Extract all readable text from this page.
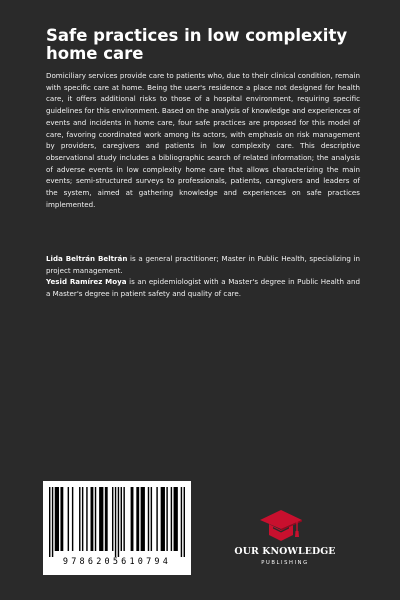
Safe practices in low complexity home care

Domiciliary services provide care to patients who, due to their clinical condition, remain with specific care at home. Being the user's residence a place not designed for health care, it offers additional risks to those of a hospital environment, requiring specific guidelines for this environment. Based on the analysis of knowledge and experiences of events and incidents in home care, four safe practices are proposed for this model of care, favoring coordinated work among its actors, with emphasis on risk management by providers, caregivers and patients in low complexity care. This descriptive observational study includes a bibliographic search of related information; the analysis of adverse events in low complexity home care that allows characterizing the main events; semi-structured surveys to professionals, patients, caregivers and leaders of the system, aimed at gathering knowledge and experiences on safe practices implemented.

Lida Beltrán Beltrán is a general practitioner; Master in Public Health, specializing in project management.

Yesid Ramírez Moya is an epidemiologist with a Master's degree in Public Health and a Master's degree in patient safety and quality of care.

9786205610794
OUR KNOWLEDGE
PUBLISHING
